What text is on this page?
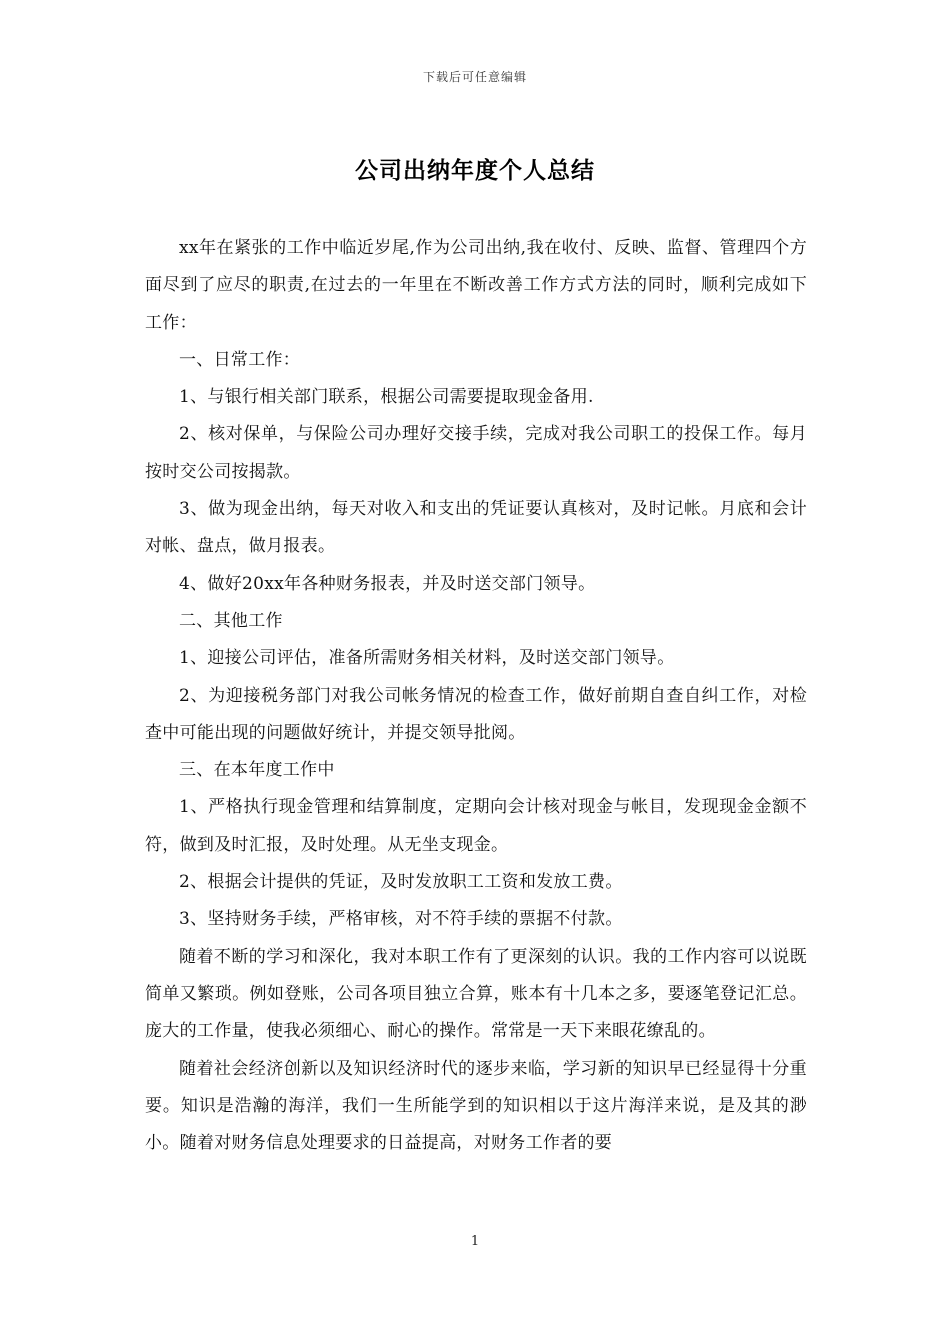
下载后可任意编辑
公司出纳年度个人总结

xx年在紧张的工作中临近岁尾,作为公司出纳,我在收付、反映、监督、管理四个方面尽到了应尽的职责,在过去的一年里在不断改善工作方式方法的同时，顺利完成如下工作：

一、日常工作：

1、与银行相关部门联系，根据公司需要提取现金备用.

2、核对保单，与保险公司办理好交接手续，完成对我公司职工的投保工作。每月按时交公司按揭款。

3、做为现金出纳，每天对收入和支出的凭证要认真核对，及时记帐。月底和会计对帐、盘点，做月报表。

4、做好20xx年各种财务报表，并及时送交部门领导。

二、其他工作

1、迎接公司评估，准备所需财务相关材料，及时送交部门领导。

2、为迎接税务部门对我公司帐务情况的检查工作，做好前期自查自纠工作，对检查中可能出现的问题做好统计，并提交领导批阅。

三、在本年度工作中

1、严格执行现金管理和结算制度，定期向会计核对现金与帐目，发现现金金额不符，做到及时汇报，及时处理。从无坐支现金。

2、根据会计提供的凭证，及时发放职工工资和发放工费。

3、坚持财务手续，严格审核，对不符手续的票据不付款。

随着不断的学习和深化，我对本职工作有了更深刻的认识。我的工作内容可以说既简单又繁琐。例如登账，公司各项目独立合算，账本有十几本之多，要逐笔登记汇总。庞大的工作量，使我必须细心、耐心的操作。常常是一天下来眼花缭乱的。

随着社会经济创新以及知识经济时代的逐步来临，学习新的知识早已经显得十分重要。知识是浩瀚的海洋，我们一生所能学到的知识相以于这片海洋来说，是及其的渺小。随着对财务信息处理要求的日益提高，对财务工作者的要

1
